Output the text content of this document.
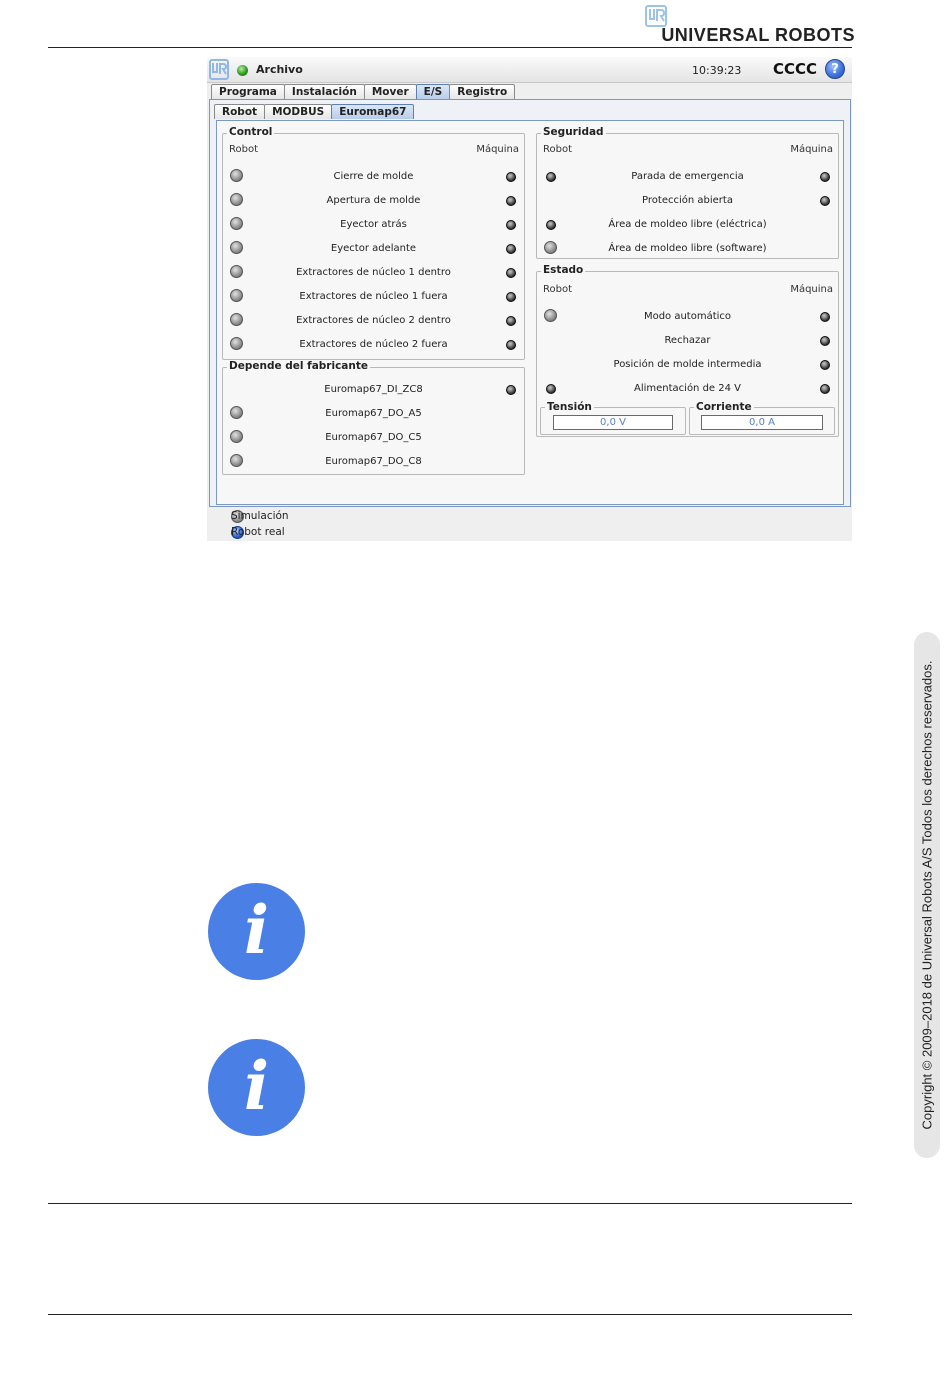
UNIVERSAL ROBOTS
Archivo	10:39:23 CCCC	?
Programa	Instalación	Mover	E/S	Registro
Robot	MODBUS	Euromap67
Control
Robot	Máquina
Cierre de molde
Apertura de molde
Eyector atrás
Eyector adelante
Extractores de núcleo 1 dentro
Extractores de núcleo 1 fuera
Extractores de núcleo 2 dentro
Extractores de núcleo 2 fuera
Depende del fabricante
Euromap67_DI_ZC8
Euromap67_DO_A5
Euromap67_DO_C5
Euromap67_DO_C8
Seguridad
Robot	Máquina
Parada de emergencia
Protección abierta
Área de moldeo libre (eléctrica)
Área de moldeo libre (software)
Estado
Robot	Máquina
Modo automático
Rechazar
Posición de molde intermedia
Alimentación de 24 V
Tensión
0,0 V
Corriente
0,0 A
Simulación
Robot real
i
i	Copyright © 2009–2018 de Universal Robots A/S Todos los derechos reservados.
